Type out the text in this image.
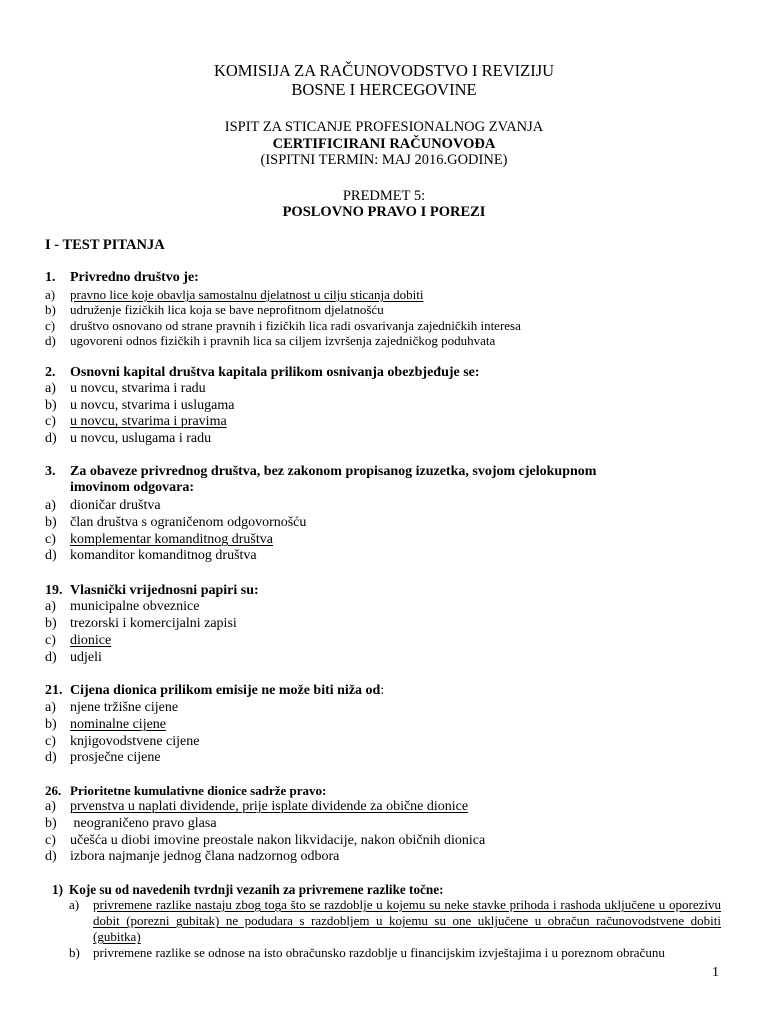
KOMISIJA ZA RAČUNOVODSTVO I REVIZIJU
BOSNE I HERCEGOVINE
ISPIT ZA STICANJE PROFESIONALNOG ZVANJA
CERTIFICIRANI RAČUNOVOĐA
(ISPITNI TERMIN: MAJ 2016.GODINE)
PREDMET 5:
POSLOVNO PRAVO I POREZI
I - TEST PITANJA
1. Privredno društvo je:
a) pravno lice koje obavlja samostalnu djelatnost u cilju sticanja dobiti
b) udruženje fizičkih lica koja se bave neprofitnom djelatnošću
c) društvo osnovano od strane pravnih i fizičkih lica radi osvarivanja zajedničkih interesa
d) ugovoreni odnos fizičkih i pravnih lica sa ciljem izvršenja zajedničkog poduhvata
2. Osnovni kapital društva kapitala prilikom osnivanja obezbjeđuje se:
a) u novcu, stvarima i radu
b) u novcu, stvarima i uslugama
c) u novcu, stvarima i pravima
d) u novcu, uslugama i radu
3. Za obaveze privrednog društva, bez zakonom propisanog izuzetka, svojom cjelokupnom
imovinom odgovara:
a) dioničar društva
b) član društva s ograničenom odgovornošću
c) komplementar komanditnog društva
d) komanditor komanditnog društva
19. Vlasnički vrijednosni papiri su:
a) municipalne obveznice
b) trezorski i komercijalni zapisi
c) dionice
d) udjeli
21. Cijena dionica prilikom emisije ne može biti niža od:
a) njene tržišne cijene
b) nominalne cijene
c) knjigovodstvene cijene
d) prosječne cijene
26. Prioritetne kumulativne dionice sadrže pravo:
a) prvenstva u naplati dividende, prije isplate dividende za obične dionice
b) neograničeno pravo glasa
c) učešća u diobi imovine preostale nakon likvidacije, nakon običnih dionica
d) izbora najmanje jednog člana nadzornog odbora
1) Koje su od navedenih tvrdnji vezanih za privremene razlike točne:
a) privremene razlike nastaju zbog toga što se razdoblje u kojemu su neke stavke prihoda i rashoda uključene u oporezivu dobit (porezni gubitak) ne podudara s razdobljem u kojemu su one uključene u obračun računovodstvene dobiti (gubitka)
b) privremene razlike se odnose na isto obračunsko razdoblje u financijskim izvještajima i u poreznom obračunu
1
